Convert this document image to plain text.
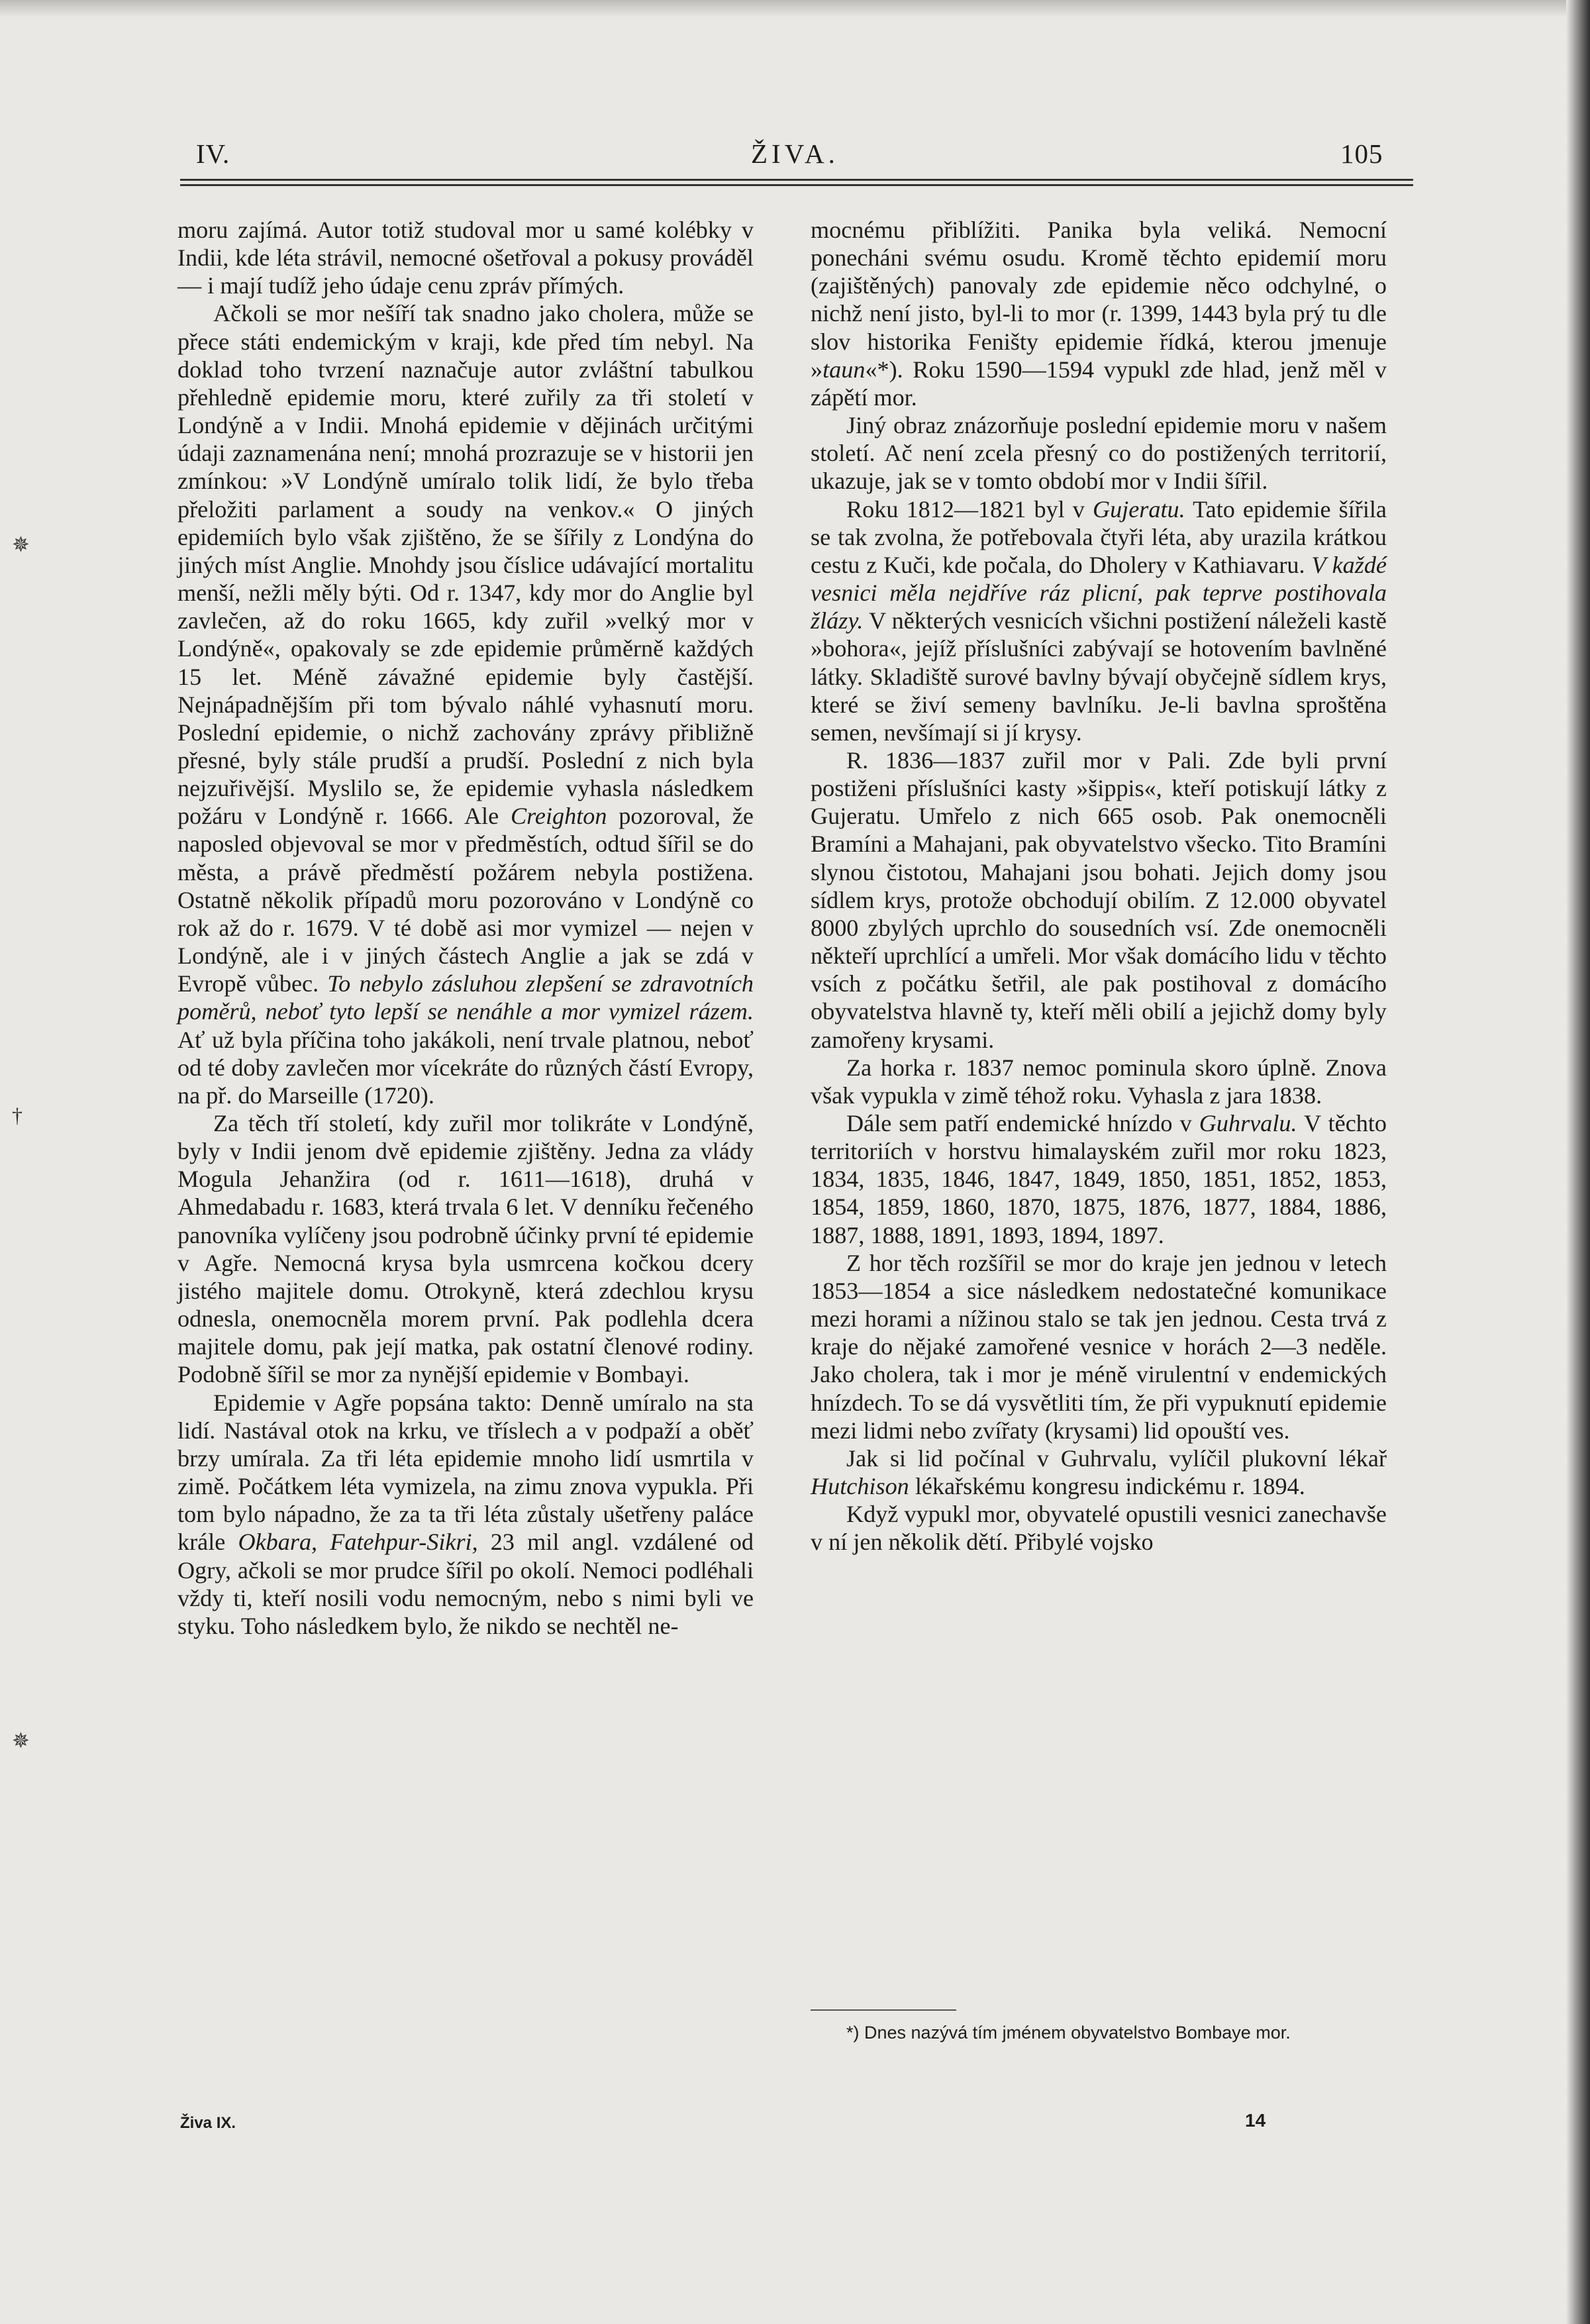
✵
†
✵
IV.	ŽIVA.	105

moru zajímá. Autor totiž studoval mor u samé kolébky v Indii, kde léta strávil, nemocné ošetřoval a pokusy prováděl — i mají tudíž jeho údaje cenu zpráv přímých.

Ačkoli se mor nešíří tak snadno jako cholera, může se přece státi endemickým v kraji, kde před tím nebyl. Na doklad toho tvrzení naznačuje autor zvláštní tabulkou přehledně epidemie moru, které zuřily za tři století v Londýně a v Indii. Mnohá epidemie v dějinách určitými údaji zaznamenána není; mnohá prozrazuje se v historii jen zmínkou: »V Londýně umíralo tolik lidí, že bylo třeba přeložiti parlament a soudy na venkov.« O jiných epidemiích bylo však zjištěno, že se šířily z Londýna do jiných míst Anglie. Mnohdy jsou číslice udávající mortalitu menší, nežli měly býti. Od r. 1347, kdy mor do Anglie byl zavlečen, až do roku 1665, kdy zuřil »velký mor v Londýně«, opakovaly se zde epidemie průměrně každých 15 let. Méně závažné epidemie byly častější. Nejnápadnějším při tom bývalo náhlé vyhasnutí moru. Poslední epidemie, o nichž zachovány zprávy přibližně přesné, byly stále prudší a prudší. Poslední z nich byla nejzuřivější. Myslilo se, že epidemie vyhasla následkem požáru v Londýně r. 1666. Ale Creighton pozoroval, že naposled objevoval se mor v předměstích, odtud šířil se do města, a právě předměstí požárem nebyla postižena. Ostatně několik případů moru pozorováno v Londýně co rok až do r. 1679. V té době asi mor vymizel — nejen v Londýně, ale i v jiných částech Anglie a jak se zdá v Evropě vůbec. To nebylo zásluhou zlepšení se zdravotních poměrů, neboť tyto lepší se nenáhle a mor vymizel rázem. Ať už byla příčina toho jakákoli, není trvale platnou, neboť od té doby zavlečen mor vícekráte do různých částí Evropy, na př. do Marseille (1720).

Za těch tří století, kdy zuřil mor tolikráte v Londýně, byly v Indii jenom dvě epidemie zjištěny. Jedna za vlády Mogula Jehanžira (od r. 1611—1618), druhá v Ahmedabadu r. 1683, která trvala 6 let. V denníku řečeného panovníka vylíčeny jsou podrobně účinky první té epidemie v Agře. Nemocná krysa byla usmrcena kočkou dcery jistého majitele domu. Otrokyně, která zdechlou krysu odnesla, onemocněla morem první. Pak podlehla dcera majitele domu, pak její matka, pak ostatní členové rodiny. Podobně šířil se mor za nynější epidemie v Bombayi.

Epidemie v Agře popsána takto: Denně umíralo na sta lidí. Nastával otok na krku, ve tříslech a v podpaží a oběť brzy umírala. Za tři léta epidemie mnoho lidí usmrtila v zimě. Počátkem léta vymizela, na zimu znova vypukla. Při tom bylo nápadno, že za ta tři léta zůstaly ušetřeny paláce krále Okbara, Fatehpur-Sikri, 23 mil angl. vzdálené od Ogry, ačkoli se mor prudce šířil po okolí. Nemoci podléhali vždy ti, kteří nosili vodu nemocným, nebo s nimi byli ve styku. Toho následkem bylo, že nikdo se nechtěl ne-

mocnému přiblížiti. Panika byla veliká. Nemocní ponecháni svému osudu. Kromě těchto epidemií moru (zajištěných) panovaly zde epidemie něco odchylné, o nichž není jisto, byl-li to mor (r. 1399, 1443 byla prý tu dle slov historika Feništy epidemie řídká, kterou jmenuje »taun«*). Roku 1590—1594 vypukl zde hlad, jenž měl v zápětí mor.

Jiný obraz znázorňuje poslední epidemie moru v našem století. Ač není zcela přesný co do postižených territorií, ukazuje, jak se v tomto období mor v Indii šířil.

Roku 1812—1821 byl v Gujeratu. Tato epidemie šířila se tak zvolna, že potřebovala čtyři léta, aby urazila krátkou cestu z Kuči, kde počala, do Dholery v Kathiavaru. V každé vesnici měla nejdříve ráz plicní, pak teprve postihovala žlázy. V některých vesnicích všichni postižení náleželi kastě »bohora«, jejíž příslušníci zabývají se hotovením bavlněné látky. Skladiště surové bavlny bývají obyčejně sídlem krys, které se živí semeny bavlníku. Je-li bavlna sproštěna semen, nevšímají si jí krysy.

R. 1836—1837 zuřil mor v Pali. Zde byli první postiženi příslušníci kasty »šippis«, kteří potiskují látky z Gujeratu. Umřelo z nich 665 osob. Pak onemocněli Bramíni a Mahajani, pak obyvatelstvo všecko. Tito Bramíni slynou čistotou, Mahajani jsou bohati. Jejich domy jsou sídlem krys, protože obchodují obilím. Z 12.000 obyvatel 8000 zbylých uprchlo do sousedních vsí. Zde onemocněli někteří uprchlící a umřeli. Mor však domácího lidu v těchto vsích z počátku šetřil, ale pak postihoval z domácího obyvatelstva hlavně ty, kteří měli obilí a jejichž domy byly zamořeny krysami.

Za horka r. 1837 nemoc pominula skoro úplně. Znova však vypukla v zimě téhož roku. Vyhasla z jara 1838.

Dále sem patří endemické hnízdo v Guhrvalu. V těchto territoriích v horstvu himalayském zuřil mor roku 1823, 1834, 1835, 1846, 1847, 1849, 1850, 1851, 1852, 1853, 1854, 1859, 1860, 1870, 1875, 1876, 1877, 1884, 1886, 1887, 1888, 1891, 1893, 1894, 1897.

Z hor těch rozšířil se mor do kraje jen jednou v letech 1853—1854 a sice následkem nedostatečné komunikace mezi horami a nížinou stalo se tak jen jednou. Cesta trvá z kraje do nějaké zamořené vesnice v horách 2—3 neděle. Jako cholera, tak i mor je méně virulentní v endemických hnízdech. To se dá vysvětliti tím, že při vypuknutí epidemie mezi lidmi nebo zvířaty (krysami) lid opouští ves.

Jak si lid počínal v Guhrvalu, vylíčil plukovní lékař Hutchison lékařskému kongresu indickému r. 1894.

Když vypukl mor, obyvatelé opustili vesnici zanechavše v ní jen několik dětí. Přibylé vojsko

*) Dnes nazývá tím jménem obyvatelstvo Bombaye mor.
Živa IX.	14
